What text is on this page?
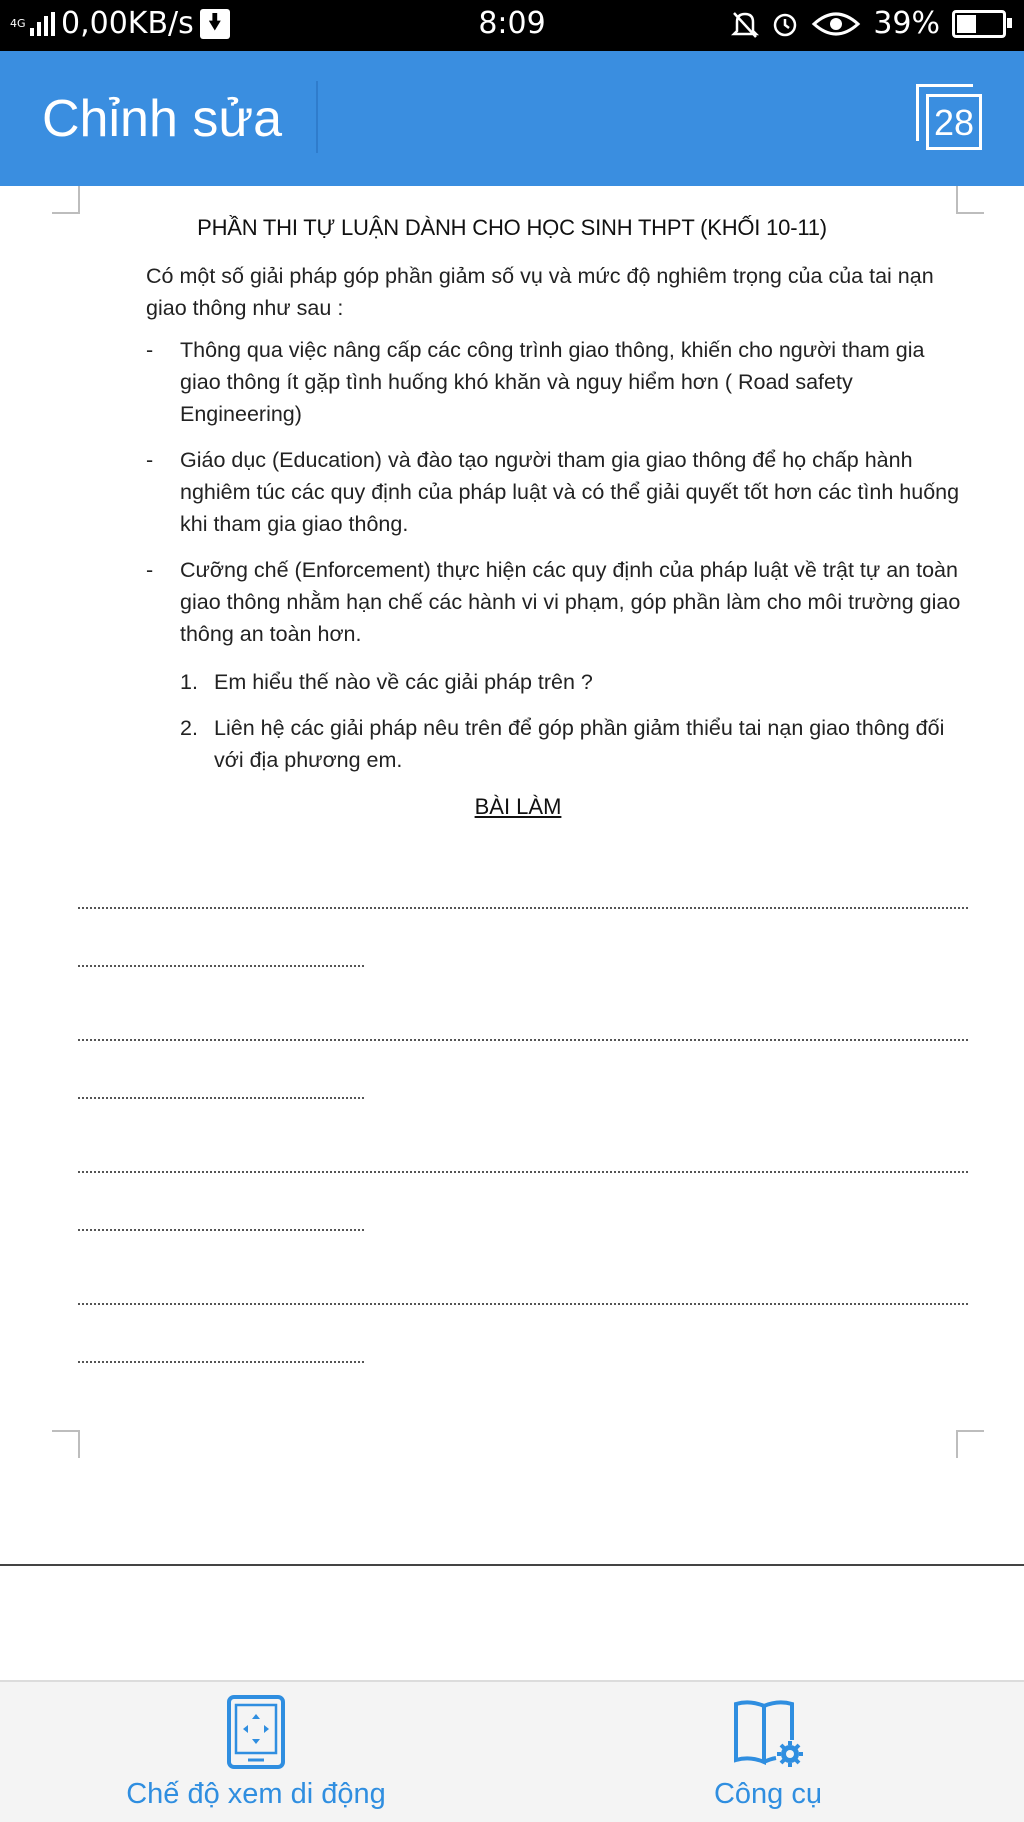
4G 0,00KB/s	8:09	39%
Chỉnh sửa	28
PHẦN THI TỰ LUẬN DÀNH CHO HỌC SINH THPT (KHỐI 10-11)
Có một số giải pháp góp phần giảm số vụ và mức độ nghiêm trọng của của tai nạn giao thông như sau :
- Thông qua việc nâng cấp các công trình giao thông, khiến cho người tham gia giao thông ít gặp tình huống khó khăn và nguy hiểm hơn ( Road safety Engineering)
- Giáo dục (Education) và đào tạo người tham gia giao thông để họ chấp hành nghiêm túc các quy định của pháp luật và có thể giải quyết tốt hơn các tình huống khi tham gia giao thông.
- Cưỡng chế (Enforcement) thực hiện các quy định của pháp luật về trật tự an toàn giao thông nhằm hạn chế các hành vi vi phạm, góp phần làm cho môi trường giao thông an toàn hơn.
1. Em hiểu thế nào về các giải pháp trên ?
2. Liên hệ các giải pháp nêu trên để góp phần giảm thiểu tai nạn giao thông đối với địa phương em.
BÀI LÀM
Chế độ xem di động	Công cụ
